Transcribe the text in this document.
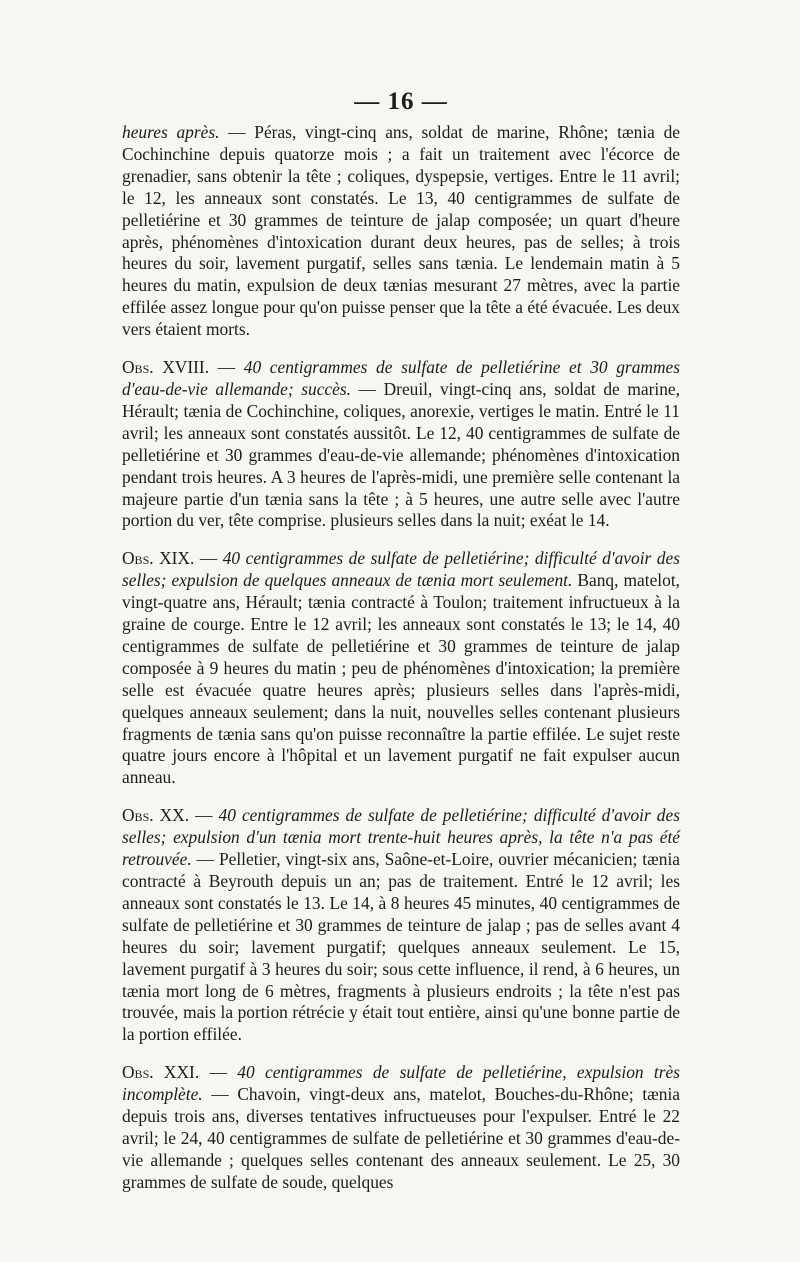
— 16 —

heures après. — Péras, vingt-cinq ans, soldat de marine, Rhône; tænia de Cochinchine depuis quatorze mois ; a fait un traitement avec l'écorce de grenadier, sans obtenir la tête ; coliques, dyspepsie, vertiges. Entre le 11 avril; le 12, les anneaux sont constatés. Le 13, 40 centigrammes de sulfate de pelletiérine et 30 grammes de teinture de jalap composée; un quart d'heure après, phénomènes d'intoxication durant deux heures, pas de selles; à trois heures du soir, lavement purgatif, selles sans tænia. Le lendemain matin à 5 heures du matin, expulsion de deux tænias mesurant 27 mètres, avec la partie effilée assez longue pour qu'on puisse penser que la tête a été évacuée. Les deux vers étaient morts.

Obs. XVIII. — 40 centigrammes de sulfate de pelletiérine et 30 grammes d'eau-de-vie allemande; succès. — Dreuil, vingt-cinq ans, soldat de marine, Hérault; tænia de Cochinchine, coliques, anorexie, vertiges le matin. Entré le 11 avril; les anneaux sont constatés aussitôt. Le 12, 40 centigrammes de sulfate de pelletiérine et 30 grammes d'eau-de-vie allemande; phénomènes d'intoxication pendant trois heures. A 3 heures de l'après-midi, une première selle contenant la majeure partie d'un tænia sans la tête ; à 5 heures, une autre selle avec l'autre portion du ver, tête comprise. plusieurs selles dans la nuit; exéat le 14.

Obs. XIX. — 40 centigrammes de sulfate de pelletiérine; difficulté d'avoir des selles; expulsion de quelques anneaux de tænia mort seulement. Banq, matelot, vingt-quatre ans, Hérault; tænia contracté à Toulon; traitement infructueux à la graine de courge. Entre le 12 avril; les anneaux sont constatés le 13; le 14, 40 centigrammes de sulfate de pelletiérine et 30 grammes de teinture de jalap composée à 9 heures du matin ; peu de phénomènes d'intoxication; la première selle est évacuée quatre heures après; plusieurs selles dans l'après-midi, quelques anneaux seulement; dans la nuit, nouvelles selles contenant plusieurs fragments de tænia sans qu'on puisse reconnaître la partie effilée. Le sujet reste quatre jours encore à l'hôpital et un lavement purgatif ne fait expulser aucun anneau.

Obs. XX. — 40 centigrammes de sulfate de pelletiérine; difficulté d'avoir des selles; expulsion d'un tænia mort trente-huit heures après, la tête n'a pas été retrouvée. — Pelletier, vingt-six ans, Saône-et-Loire, ouvrier mécanicien; tænia contracté à Beyrouth depuis un an; pas de traitement. Entré le 12 avril; les anneaux sont constatés le 13. Le 14, à 8 heures 45 minutes, 40 centigrammes de sulfate de pelletiérine et 30 grammes de teinture de jalap ; pas de selles avant 4 heures du soir; lavement purgatif; quelques anneaux seulement. Le 15, lavement purgatif à 3 heures du soir; sous cette influence, il rend, à 6 heures, un tænia mort long de 6 mètres, fragments à plusieurs endroits ; la tête n'est pas trouvée, mais la portion rétrécie y était tout entière, ainsi qu'une bonne partie de la portion effilée.

Obs. XXI. — 40 centigrammes de sulfate de pelletiérine, expulsion très incomplète. — Chavoin, vingt-deux ans, matelot, Bouches-du-Rhône; tænia depuis trois ans, diverses tentatives infructueuses pour l'expulser. Entré le 22 avril; le 24, 40 centigrammes de sulfate de pelletiérine et 30 grammes d'eau-de-vie allemande ; quelques selles contenant des anneaux seulement. Le 25, 30 grammes de sulfate de soude, quelques
